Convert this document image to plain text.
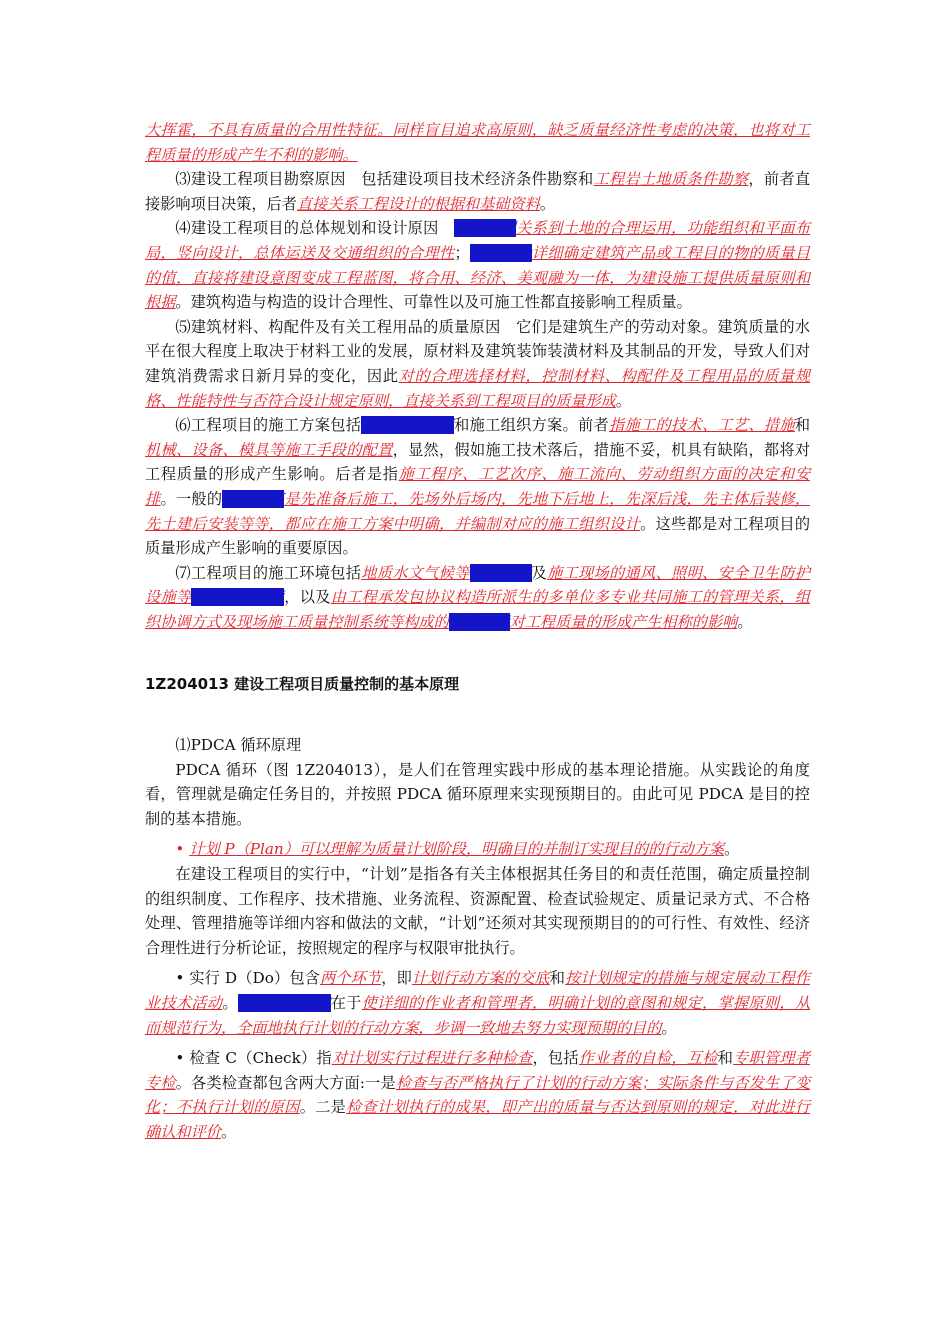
大挥霍，不具有质量的合用性特征。同样盲目追求高原则，缺乏质量经济性考虑的决策，也将对工程质量的形成产生不利的影响。

⑶建设工程项目勘察原因　包括建设项目技术经济条件勘察和工程岩土地质条件勘察，前者直接影响项目决策，后者直接关系工程设计的根据和基础资料。

⑷建设工程项目的总体规划和设计原因　总体规划关系到土地的合理运用，功能组织和平面布局，竖向设计，总体运送及交通组织的合理性；工程设计详细确定建筑产品或工程目的物的质量目的值，直接将建设意图变成工程蓝图，将合用、经济、美观融为一体，为建设施工提供质量原则和根据。建筑构造与构造的设计合理性、可靠性以及可施工性都直接影响工程质量。

⑸建筑材料、构配件及有关工程用品的质量原因　它们是建筑生产的劳动对象。建筑质量的水平在很大程度上取决于材料工业的发展，原材料及建筑装饰装潢材料及其制品的开发，导致人们对建筑消费需求日新月异的变化，因此对的合理选择材料，控制材料、构配件及工程用品的质量规格、性能特性与否符合设计规定原则，直接关系到工程项目的质量形成。

⑹工程项目的施工方案包括施工技术方案和施工组织方案。前者指施工的技术、工艺、措施和机械、设备、模具等施工手段的配置，显然，假如施工技术落后，措施不妥，机具有缺陷，都将对工程质量的形成产生影响。后者是指施工程序、工艺次序、施工流向、劳动组织方面的决定和安排。一般的施工程序是先准备后施工，先场外后场内，先地下后地上，先深后浅，先主体后装修，先土建后安装等等，都应在施工方案中明确，并编制对应的施工组织设计。这些都是对工程项目的质量形成产生影响的重要原因。

⑺工程项目的施工环境包括地质水文气候等自然环境及施工现场的通风、照明、安全卫生防护设施等劳动作业环境，以及由工程承发包协议构造所派生的多单位多专业共同施工的管理关系，组织协调方式及现场施工质量控制系统等构成的管理环境对工程质量的形成产生相称的影响。

1Z204013 建设工程项目质量控制的基本原理

⑴PDCA 循环原理

PDCA 循环（图 1Z204013），是人们在管理实践中形成的基本理论措施。从实践论的角度看，管理就是确定任务目的，并按照 PDCA 循环原理来实现预期目的。由此可见 PDCA 是目的控制的基本措施。

• 计划 P（Plan）可以理解为质量计划阶段，明确目的并制订实现目的的行动方案。

在建设工程项目的实行中，“计划”是指各有关主体根据其任务目的和责任范围，确定质量控制的组织制度、工作程序、技术措施、业务流程、资源配置、检查试验规定、质量记录方式、不合格处理、管理措施等详细内容和做法的文献，“计划”还须对其实现预期目的的可行性、有效性、经济合理性进行分析论证，按照规定的程序与权限审批执行。

• 实行 D（Do）包含两个环节，即计划行动方案的交底和按计划规定的措施与规定展动工程作业技术活动。计划交底目的在于使详细的作业者和管理者，明确计划的意图和规定，掌握原则，从而规范行为，全面地执行计划的行动方案，步调一致地去努力实现预期的目的。

• 检查 C（Check）指对计划实行过程进行多种检查，包括作业者的自检，互检和专职管理者专检。各类检查都包含两大方面:一是检查与否严格执行了计划的行动方案；实际条件与否发生了变化；不执行计划的原因。二是检查计划执行的成果，即产出的质量与否达到原则的规定，对此进行确认和评价。
